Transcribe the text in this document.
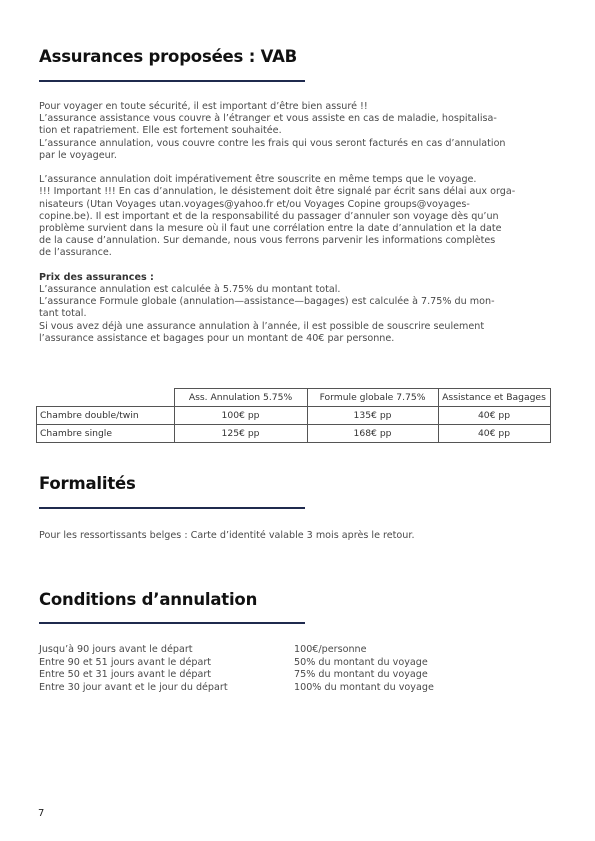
Assurances proposées : VAB

Pour voyager en toute sécurité, il est important d’être bien assuré !!

L’assurance assistance vous couvre à l’étranger et vous assiste en cas de maladie, hospitalisa-

tion et rapatriement. Elle est fortement souhaitée.

L’assurance annulation, vous couvre contre les frais qui vous seront facturés en cas d’annulation

par le voyageur.

L’assurance annulation doit impérativement être souscrite en même temps que le voyage.

!!! Important !!! En cas d’annulation, le désistement doit être signalé par écrit sans délai aux orga-

nisateurs (Utan Voyages utan.voyages@yahoo.fr et/ou Voyages Copine groups@voyages-

copine.be). Il est important et de la responsabilité du passager d’annuler son voyage dès qu’un

problème survient dans la mesure où il faut une corrélation entre la date d’annulation et la date

de la cause d’annulation. Sur demande, nous vous ferrons parvenir les informations complètes

de l’assurance.

Prix des assurances :

L’assurance annulation est calculée à 5.75% du montant total.

L’assurance Formule globale (annulation—assistance—bagages) est calculée à 7.75% du mon-

tant total.

Si vous avez déjà une assurance annulation à l’année, il est possible de souscrire seulement

l’assurance assistance et bagages pour un montant de 40€ par personne.

	Ass. Annulation 5.75%	Formule globale 7.75%	Assistance et Bagages
Chambre double/twin	100€ pp	135€ pp	40€ pp
Chambre single	125€ pp	168€ pp	40€ pp
Formalités

Pour les ressortissants belges : Carte d’identité valable 3 mois après le retour.

Conditions d’annulation
Jusqu’à 90 jours avant le départ	100€/personne
Entre 90 et 51 jours avant le départ	50% du montant du voyage
Entre 50 et 31 jours avant le départ	75% du montant du voyage
Entre 30 jour avant et le jour du départ	100% du montant du voyage
7
